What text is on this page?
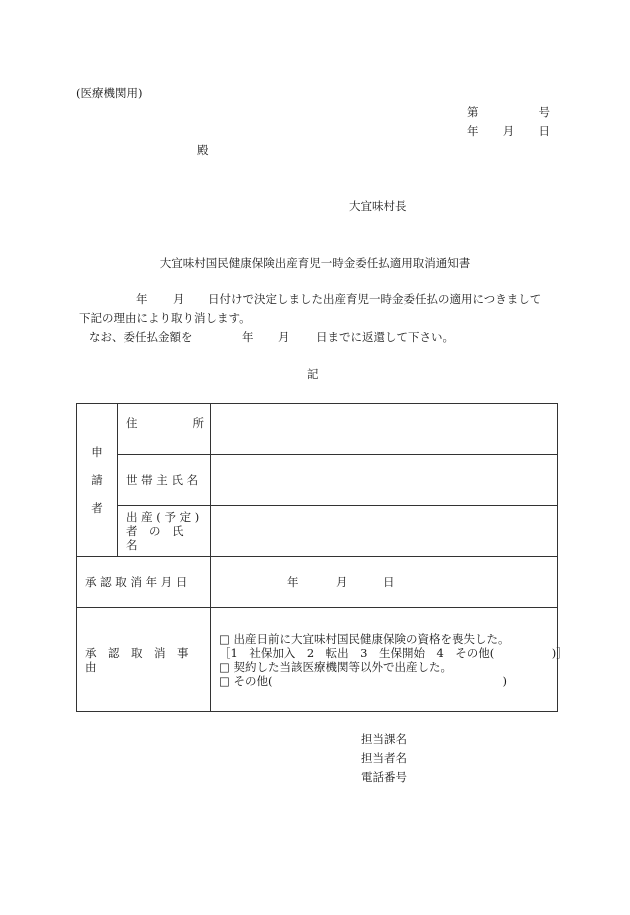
(医療機関用)
第	号
年 月 日
殿
大宜味村長
大宜味村国民健康保険出産育児一時金委任払適用取消通知書
年 月 日付けで決定しました出産育児一時金委任払の適用につきまして
下記の理由により取り消します。
なお、委任払金額を	年 月 日までに返還して下さい。
記
申
請
者	住 所	

	世 帯 主 氏 名	

	出 産 ( 予 定 )
者　の　氏　名	

承 認 取 消 年 月 日		年 月 日

承　認　取　消　事　由		□ 出産日前に大宜味村国民健康保険の資格を喪失した。
［1　社保加入　2　転出　3　生保開始　4　その他(　　　　　)］
□ 契約した当該医療機関等以外で出産した。
□ その他(　　　　　　　　　　　　　　　　　　　　)
担当課名
担当者名
電話番号
